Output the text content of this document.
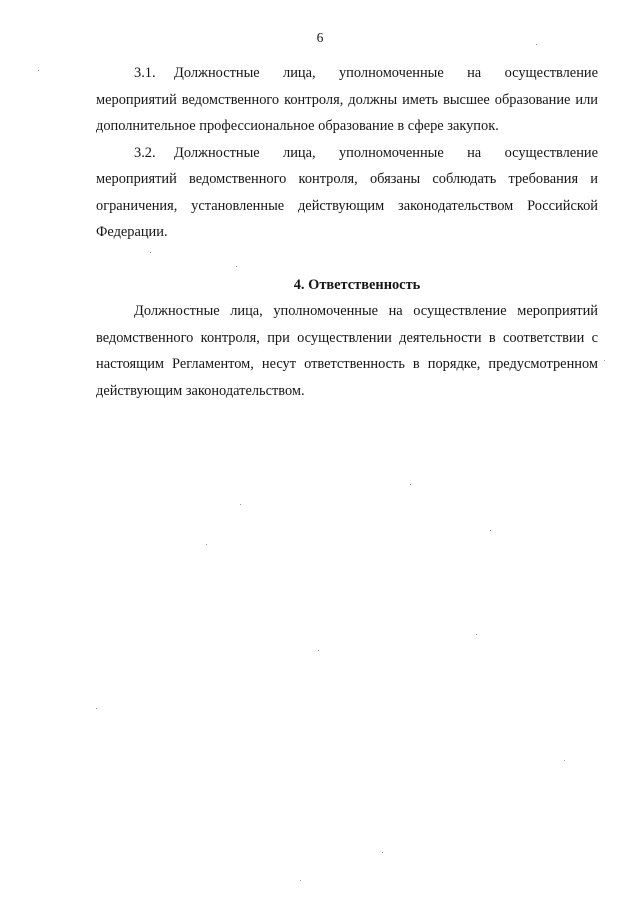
6

3.1. Должностные лица, уполномоченные на осуществление мероприятий ведомственного контроля, должны иметь высшее образование или дополнительное профессиональное образование в сфере закупок.

3.2. Должностные лица, уполномоченные на осуществление мероприятий ведомственного контроля, обязаны соблюдать требования и ограничения, установленные действующим законодательством Российской Федерации.

4. Ответственность

Должностные лица, уполномоченные на осуществление мероприятий ведомственного контроля, при осуществлении деятельности в соответствии с настоящим Регламентом, несут ответственность в порядке, предусмотренном действующим законодательством.
